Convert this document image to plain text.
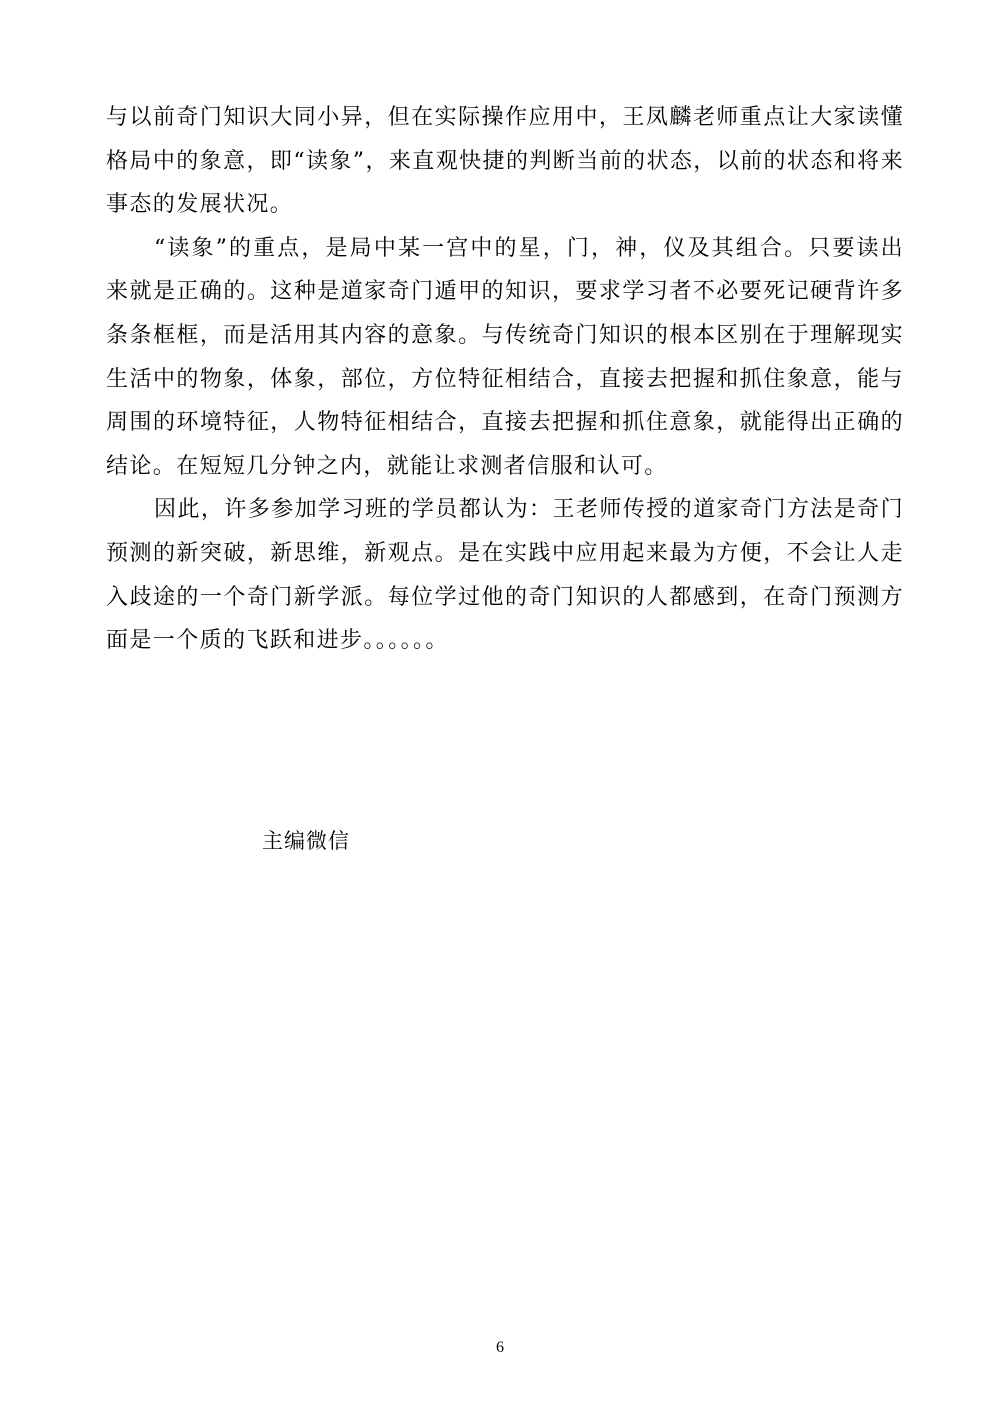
与以前奇门知识大同小异，但在实际操作应用中，王凤麟老师重点让大家读懂格局中的象意，即“读象”，来直观快捷的判断当前的状态，以前的状态和将来事态的发展状况。

“读象”的重点，是局中某一宫中的星，门，神，仪及其组合。只要读出来就是正确的。这种是道家奇门遁甲的知识，要求学习者不必要死记硬背许多条条框框，而是活用其内容的意象。与传统奇门知识的根本区别在于理解现实生活中的物象，体象，部位，方位特征相结合，直接去把握和抓住象意，能与周围的环境特征，人物特征相结合，直接去把握和抓住意象，就能得出正确的结论。在短短几分钟之内，就能让求测者信服和认可。

因此，许多参加学习班的学员都认为：王老师传授的道家奇门方法是奇门预测的新突破，新思维，新观点。是在实践中应用起来最为方便，不会让人走入歧途的一个奇门新学派。每位学过他的奇门知识的人都感到，在奇门预测方面是一个质的飞跃和进步。。。。。。

主编微信
6
